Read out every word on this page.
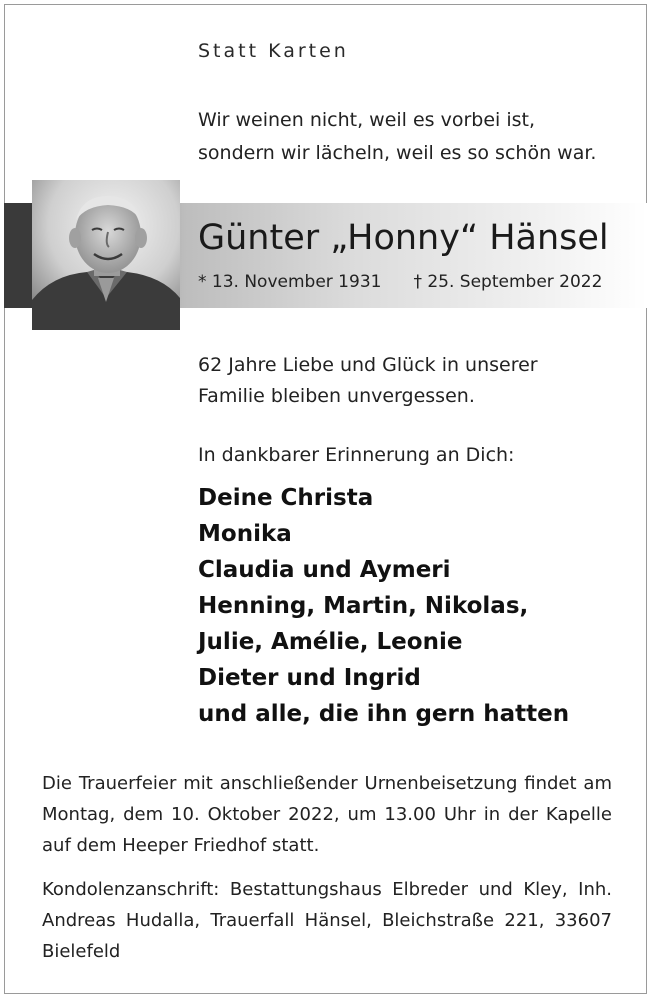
Statt Karten
Wir weinen nicht, weil es vorbei ist,
sondern wir lächeln, weil es so schön war.
Günter „Honny“ Hänsel
* 13. November 1931 † 25. September 2022
62 Jahre Liebe und Glück in unserer
Familie bleiben unvergessen.
In dankbarer Erinnerung an Dich:
Deine Christa
Monika
Claudia und Aymeri
Henning, Martin, Nikolas,
Julie, Amélie, Leonie
Dieter und Ingrid
und alle, die ihn gern hatten
Die Trauerfeier mit anschließender Urnenbeisetzung findet am Montag, dem 10. Oktober 2022, um 13.00 Uhr in der Kapelle auf dem Heeper Friedhof statt.
Kondolenzanschrift: Bestattungshaus Elbreder und Kley, Inh. Andreas Hudalla, Trauerfall Hänsel, Bleichstraße 221, 33607 Bielefeld
